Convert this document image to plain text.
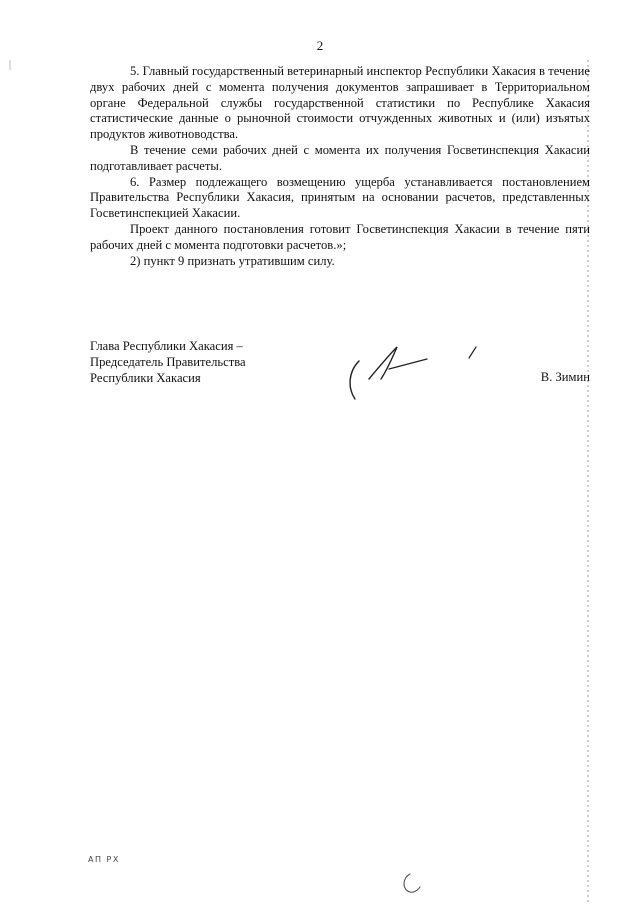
2

5. Главный государственный ветеринарный инспектор Республики Хакасия в течение двух рабочих дней с момента получения документов запрашивает в Территориальном органе Федеральной службы государственной статистики по Республике Хакасия статистические данные о рыночной стоимости отчужденных животных и (или) изъятых продуктов животноводства.

В течение семи рабочих дней с момента их получения Госветинспекция Хакасии подготавливает расчеты.

6. Размер подлежащего возмещению ущерба устанавливается постановлением Правительства Республики Хакасия, принятым на основании расчетов, представленных Госветинспекцией Хакасии.

Проект данного постановления готовит Госветинспекция Хакасии в течение пяти рабочих дней с момента подготовки расчетов.»;

2) пункт 9 признать утратившим силу.

Глава Республики Хакасия –
Председатель Правительства
Республики Хакасия	В. Зимин
АП РХ
